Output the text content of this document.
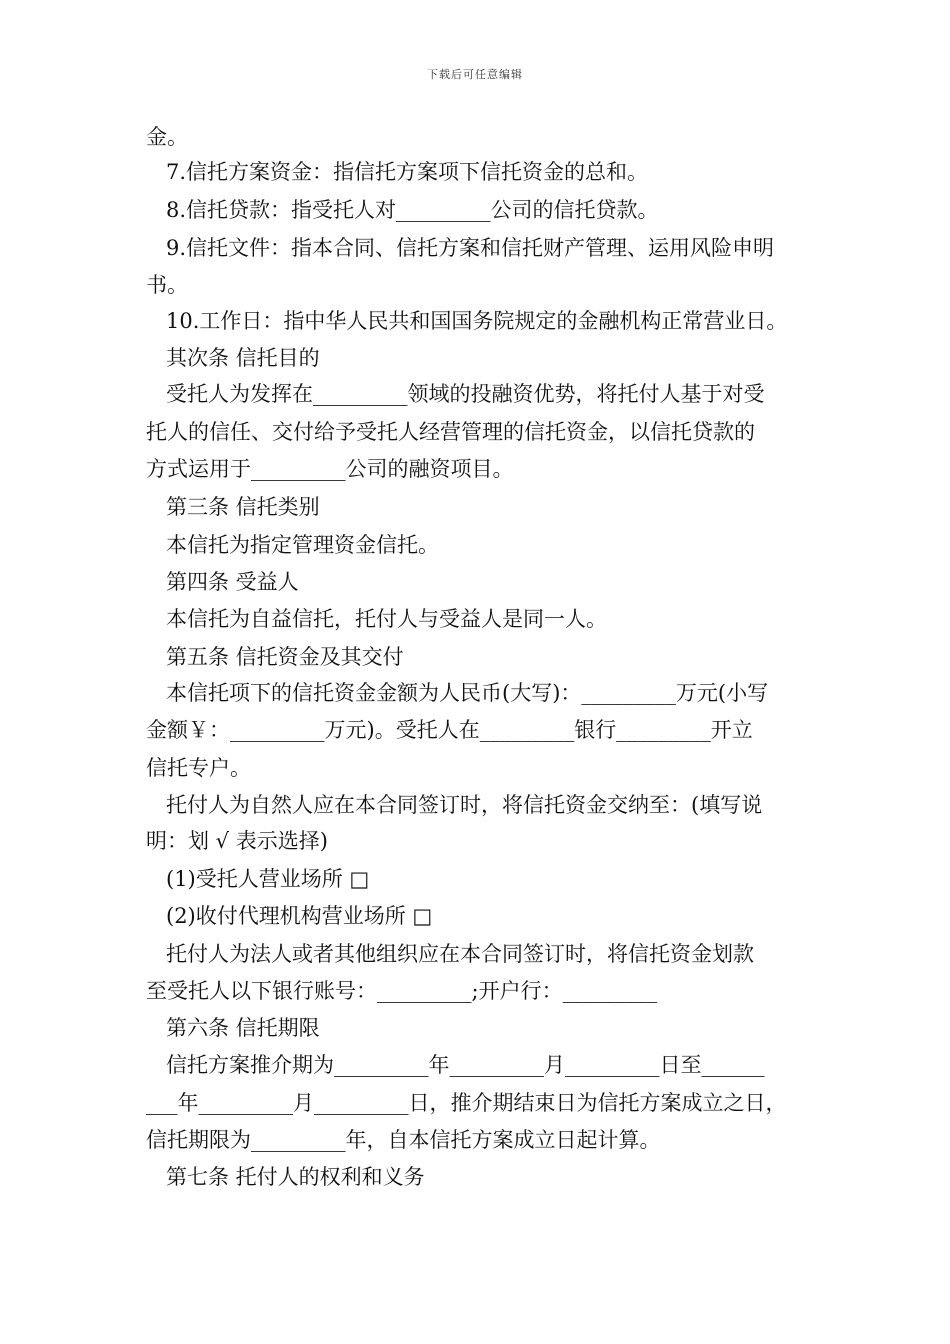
下载后可任意编辑
金。
7.信托方案资金：指信托方案项下信托资金的总和。
8.信托贷款：指受托人对_________公司的信托贷款。
9.信托文件：指本合同、信托方案和信托财产管理、运用风险申明
书。
10.工作日：指中华人民共和国国务院规定的金融机构正常营业日。
其次条 信托目的
受托人为发挥在_________领域的投融资优势，将托付人基于对受
托人的信任、交付给予受托人经营管理的信托资金，以信托贷款的
方式运用于_________公司的融资项目。
第三条 信托类别
本信托为指定管理资金信托。
第四条 受益人
本信托为自益信托，托付人与受益人是同一人。
第五条 信托资金及其交付
本信托项下的信托资金金额为人民币(大写)：_________万元(小写
金额￥：_________万元)。受托人在_________银行_________开立
信托专户。
托付人为自然人应在本合同签订时，将信托资金交纳至：(填写说
明：划 √ 表示选择)
(1)受托人营业场所 □
(2)收付代理机构营业场所 □
托付人为法人或者其他组织应在本合同签订时，将信托资金划款
至受托人以下银行账号：_________;开户行：_________
第六条 信托期限
信托方案推介期为_________年_________月_________日至______
___年_________月_________日，推介期结束日为信托方案成立之日，
信托期限为_________年，自本信托方案成立日起计算。
第七条 托付人的权利和义务
